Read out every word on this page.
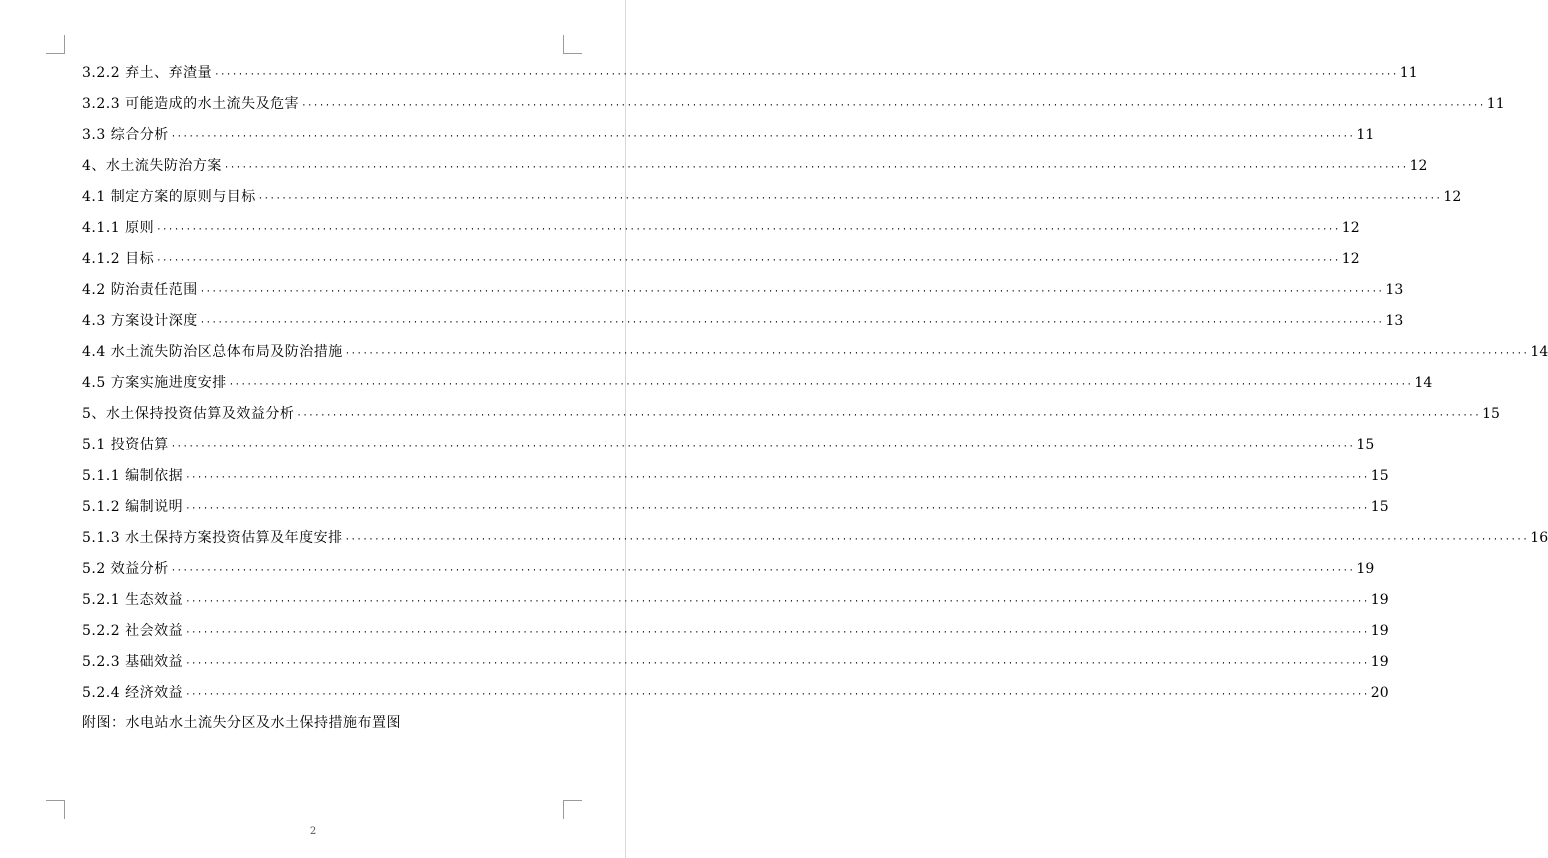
3.2.2 弃土、弃渣量 ········································································································································································································ 11
3.2.3 可能造成的水土流失及危害 ········································································································································································································ 11
3.3 综合分析 ········································································································································································································ 11
4、水土流失防治方案 ········································································································································································································ 12
4.1 制定方案的原则与目标 ········································································································································································································ 12
4.1.1 原则 ········································································································································································································ 12
4.1.2 目标 ········································································································································································································ 12
4.2 防治责任范围 ········································································································································································································ 13
4.3 方案设计深度 ········································································································································································································ 13
4.4 水土流失防治区总体布局及防治措施 ········································································································································································································ 14
4.5 方案实施进度安排 ········································································································································································································ 14
5、水土保持投资估算及效益分析 ········································································································································································································ 15
5.1 投资估算 ········································································································································································································ 15
5.1.1 编制依据 ········································································································································································································ 15
5.1.2 编制说明 ········································································································································································································ 15
5.1.3 水土保持方案投资估算及年度安排 ········································································································································································································ 16
5.2 效益分析 ········································································································································································································ 19
5.2.1 生态效益 ········································································································································································································ 19
5.2.2 社会效益 ········································································································································································································ 19
5.2.3 基础效益 ········································································································································································································ 19
5.2.4 经济效益 ········································································································································································································ 20
附图：水电站水土流失分区及水土保持措施布置图
2
